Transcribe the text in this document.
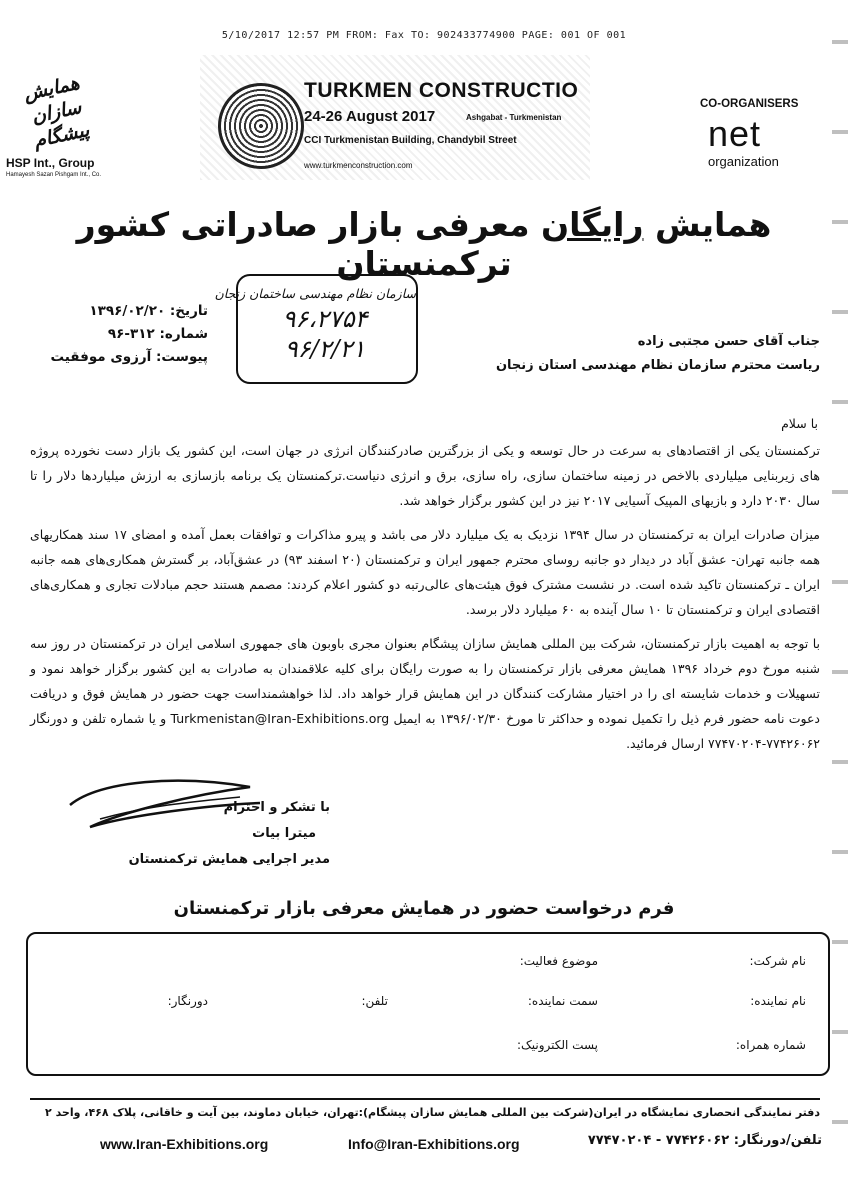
5/10/2017 12:57 PM FROM: Fax TO: 902433774900 PAGE: 001 OF 001
همایش سازان پیشگام
HSP Int., Group
Hamayesh Sazan Pishgam Int., Co.
TURKMEN CONSTRUCTIO
24-26 August 2017	Ashgabat - Turkmenistan
CCI Turkmenistan Building, Chandybil Street
www.turkmenconstruction.com
CO-ORGANISERS
net
organization
همایش رایگان معرفی بازار صادراتی کشور ترکمنستان
تاریخ: ۱۳۹۶/۰۲/۲۰
شماره: ۳۱۲-۹۶
پیوست: آرزوی موفقیت
سازمان نظام مهندسی ساختمان زنجان
۹۶،۲۷۵۴
۹۶/۲/۲۱	جناب آقای حسن مجتبی زاده
ریاست محترم سازمان نظام مهندسی استان زنجان
با سلام

ترکمنستان یکی از اقتصادهای به سرعت در حال توسعه و یکی از بزرگترین صادرکنندگان انرژی در جهان است، این کشور یک بازار دست نخورده پروژه های زیربنایی میلیاردی بالاخص در زمینه ساختمان سازی، راه سازی، برق و انرژی دنیاست.ترکمنستان یک برنامه بازسازی به ارزش میلیاردها دلار را تا سال ۲۰۳۰ دارد و بازیهای المپیک آسیایی ۲۰۱۷ نیز در این کشور برگزار خواهد شد.

میزان صادرات ایران به ترکمنستان در سال ۱۳۹۴ نزدیک به یک میلیارد دلار می باشد و پیرو مذاکرات و توافقات بعمل آمده و امضای ۱۷ سند همکاریهای همه جانبه تهران- عشق آباد در دیدار دو جانبه روسای محترم جمهور ایران و ترکمنستان (۲۰ اسفند ۹۳) در عشق‌آباد، بر گسترش همکاری‌های همه جانبه ایران ـ ترکمنستان تاکید شده است. در نشست مشترک فوق هیئت‌های عالی‌رتبه دو کشور اعلام کردند: مصمم هستند حجم مبادلات تجاری و همکاری‌های اقتصادی ایران و ترکمنستان تا ۱۰ سال آینده به ۶۰ میلیارد دلار برسد.

با توجه به اهمیت بازار ترکمنستان، شرکت بین المللی همایش سازان پیشگام بعنوان مجری باوبون های جمهوری اسلامی ایران در ترکمنستان در روز سه شنبه مورخ دوم خرداد ۱۳۹۶ همایش معرفی بازار ترکمنستان را به صورت رایگان برای کلیه علاقمندان به صادرات به این کشور برگزار خواهد نمود و تسهیلات و خدمات شایسته ای را در اختیار مشارکت کنندگان در این همایش قرار خواهد داد. لذا خواهشمنداست جهت حضور در همایش فوق و دریافت دعوت نامه حضور فرم ذیل را تکمیل نموده و حداکثر تا مورخ ۱۳۹۶/۰۲/۳۰ به ایمیل Turkmenistan@Iran-Exhibitions.org و یا شماره تلفن و دورنگار ۷۷۴۲۶۰۶۲-۷۷۴۷۰۲۰۴ ارسال فرمائید.

با تشکر و احترام
میترا بیات
مدیر اجرایی همایش ترکمنستان
فرم درخواست حضور در همایش معرفی بازار ترکمنستان
نام شرکت:
موضوع فعالیت:
نام نماینده:
سمت نماینده:
تلفن:
دورنگار:
شماره همراه:
پست الکترونیک:
دفتر نمایندگی انحصاری نمایشگاه در ایران(شرکت بین المللی همایش سازان پیشگام):تهران، خیابان دماوند، بین آیت و خاقانی، پلاک ۴۶۸، واحد ۲
www.Iran-Exhibitions.org	Info@Iran-Exhibitions.org	تلفن/دورنگار: ۷۷۴۲۶۰۶۲ - ۷۷۴۷۰۲۰۴
